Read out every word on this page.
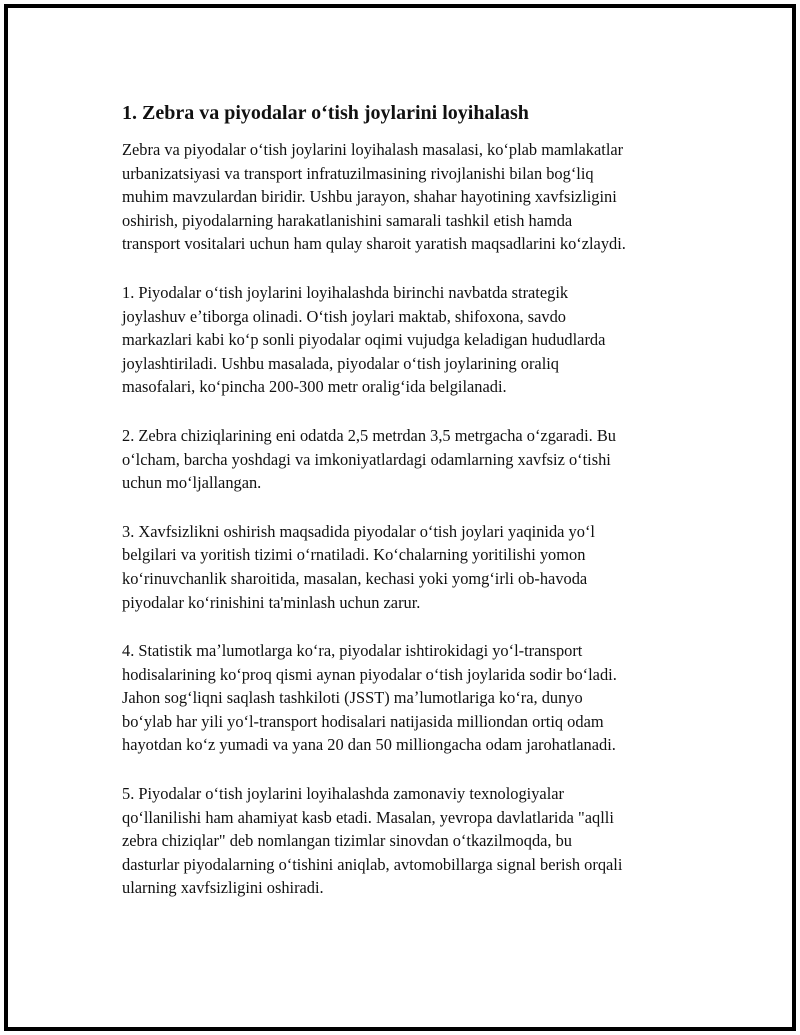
1. Zebra va piyodalar oʻtish joylarini loyihalash
Zebra va piyodalar oʻtish joylarini loyihalash masalasi, koʻplab mamlakatlar
urbanizatsiyasi va transport infratuzilmasining rivojlanishi bilan bogʻliq
muhim mavzulardan biridir. Ushbu jarayon, shahar hayotining xavfsizligini
oshirish, piyodalarning harakatlanishini samarali tashkil etish hamda
transport vositalari uchun ham qulay sharoit yaratish maqsadlarini koʻzlaydi.
1. Piyodalar oʻtish joylarini loyihalashda birinchi navbatda strategik
joylashuv eʼtiborga olinadi. Oʻtish joylari maktab, shifoxona, savdo
markazlari kabi koʻp sonli piyodalar oqimi vujudga keladigan hududlarda
joylashtiriladi. Ushbu masalada, piyodalar oʻtish joylarining oraliq
masofalari, koʻpincha 200-300 metr oraligʻida belgilanadi.
2. Zebra chiziqlarining eni odatda 2,5 metrdan 3,5 metrgacha oʻzgaradi. Bu
oʻlcham, barcha yoshdagi va imkoniyatlardagi odamlarning xavfsiz oʻtishi
uchun moʻljallangan.
3. Xavfsizlikni oshirish maqsadida piyodalar oʻtish joylari yaqinida yoʻl
belgilari va yoritish tizimi oʻrnatiladi. Koʻchalarning yoritilishi yomon
koʻrinuvchanlik sharoitida, masalan, kechasi yoki yomgʻirli ob-havoda
piyodalar koʻrinishini ta'minlash uchun zarur.
4. Statistik maʼlumotlarga koʻra, piyodalar ishtirokidagi yoʻl-transport
hodisalarining koʻproq qismi aynan piyodalar oʻtish joylarida sodir boʻladi.
Jahon sogʻliqni saqlash tashkiloti (JSST) maʼlumotlariga koʻra, dunyo
boʻylab har yili yoʻl-transport hodisalari natijasida milliondan ortiq odam
hayotdan koʻz yumadi va yana 20 dan 50 milliongacha odam jarohatlanadi.
5. Piyodalar oʻtish joylarini loyihalashda zamonaviy texnologiyalar
qoʻllanilishi ham ahamiyat kasb etadi. Masalan, yevropa davlatlarida "aqlli
zebra chiziqlar" deb nomlangan tizimlar sinovdan oʻtkazilmoqda, bu
dasturlar piyodalarning oʻtishini aniqlab, avtomobillarga signal berish orqali
ularning xavfsizligini oshiradi.
